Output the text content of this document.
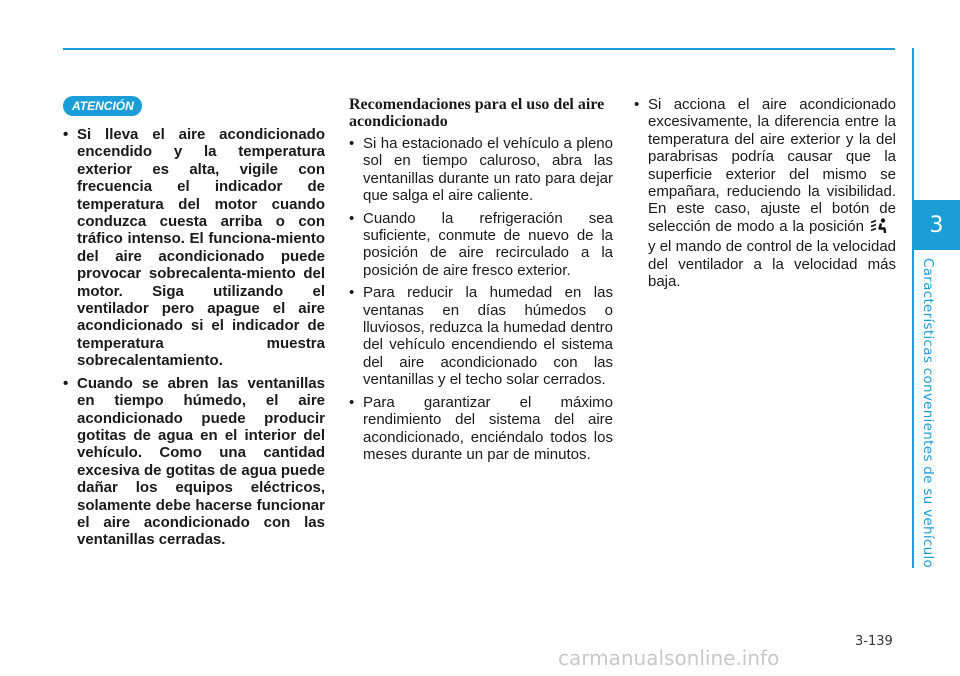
3
Características convenientes de su vehículo
ATENCIÓN
• Si lleva el aire acondicionado encendido y la temperatura exterior es alta, vigile con frecuencia el indicador de temperatura del motor cuando conduzca cuesta arriba o con tráfico intenso. El funciona-miento del aire acondicionado puede provocar sobrecalenta-miento del motor. Siga utilizando el ventilador pero apague el aire acondicionado si el indicador de temperatura muestra sobrecalentamiento.
• Cuando se abren las ventanillas en tiempo húmedo, el aire acondicionado puede producir gotitas de agua en el interior del vehículo. Como una cantidad excesiva de gotitas de agua puede dañar los equipos eléctricos, solamente debe hacerse funcionar el aire acondicionado con las ventanillas cerradas.
Recomendaciones para el uso del aire acondicionado
• Si ha estacionado el vehículo a pleno sol en tiempo caluroso, abra las ventanillas durante un rato para dejar que salga el aire caliente.
• Cuando la refrigeración sea suficiente, conmute de nuevo de la posición de aire recirculado a la posición de aire fresco exterior.
• Para reducir la humedad en las ventanas en días húmedos o lluviosos, reduzca la humedad dentro del vehículo encendiendo el sistema del aire acondicionado con las ventanillas y el techo solar cerrados.
• Para garantizar el máximo rendimiento del sistema del aire acondicionado, enciéndalo todos los meses durante un par de minutos.
• Si acciona el aire acondicionado excesivamente, la diferencia entre la temperatura del aire exterior y la del parabrisas podría causar que la superficie exterior del mismo se empañara, reduciendo la visibilidad. En este caso, ajuste el botón de selección de modo a la posicióny el mando de control de la velocidad del ventilador a la velocidad más baja.
3-139
carmanualsonline.info
